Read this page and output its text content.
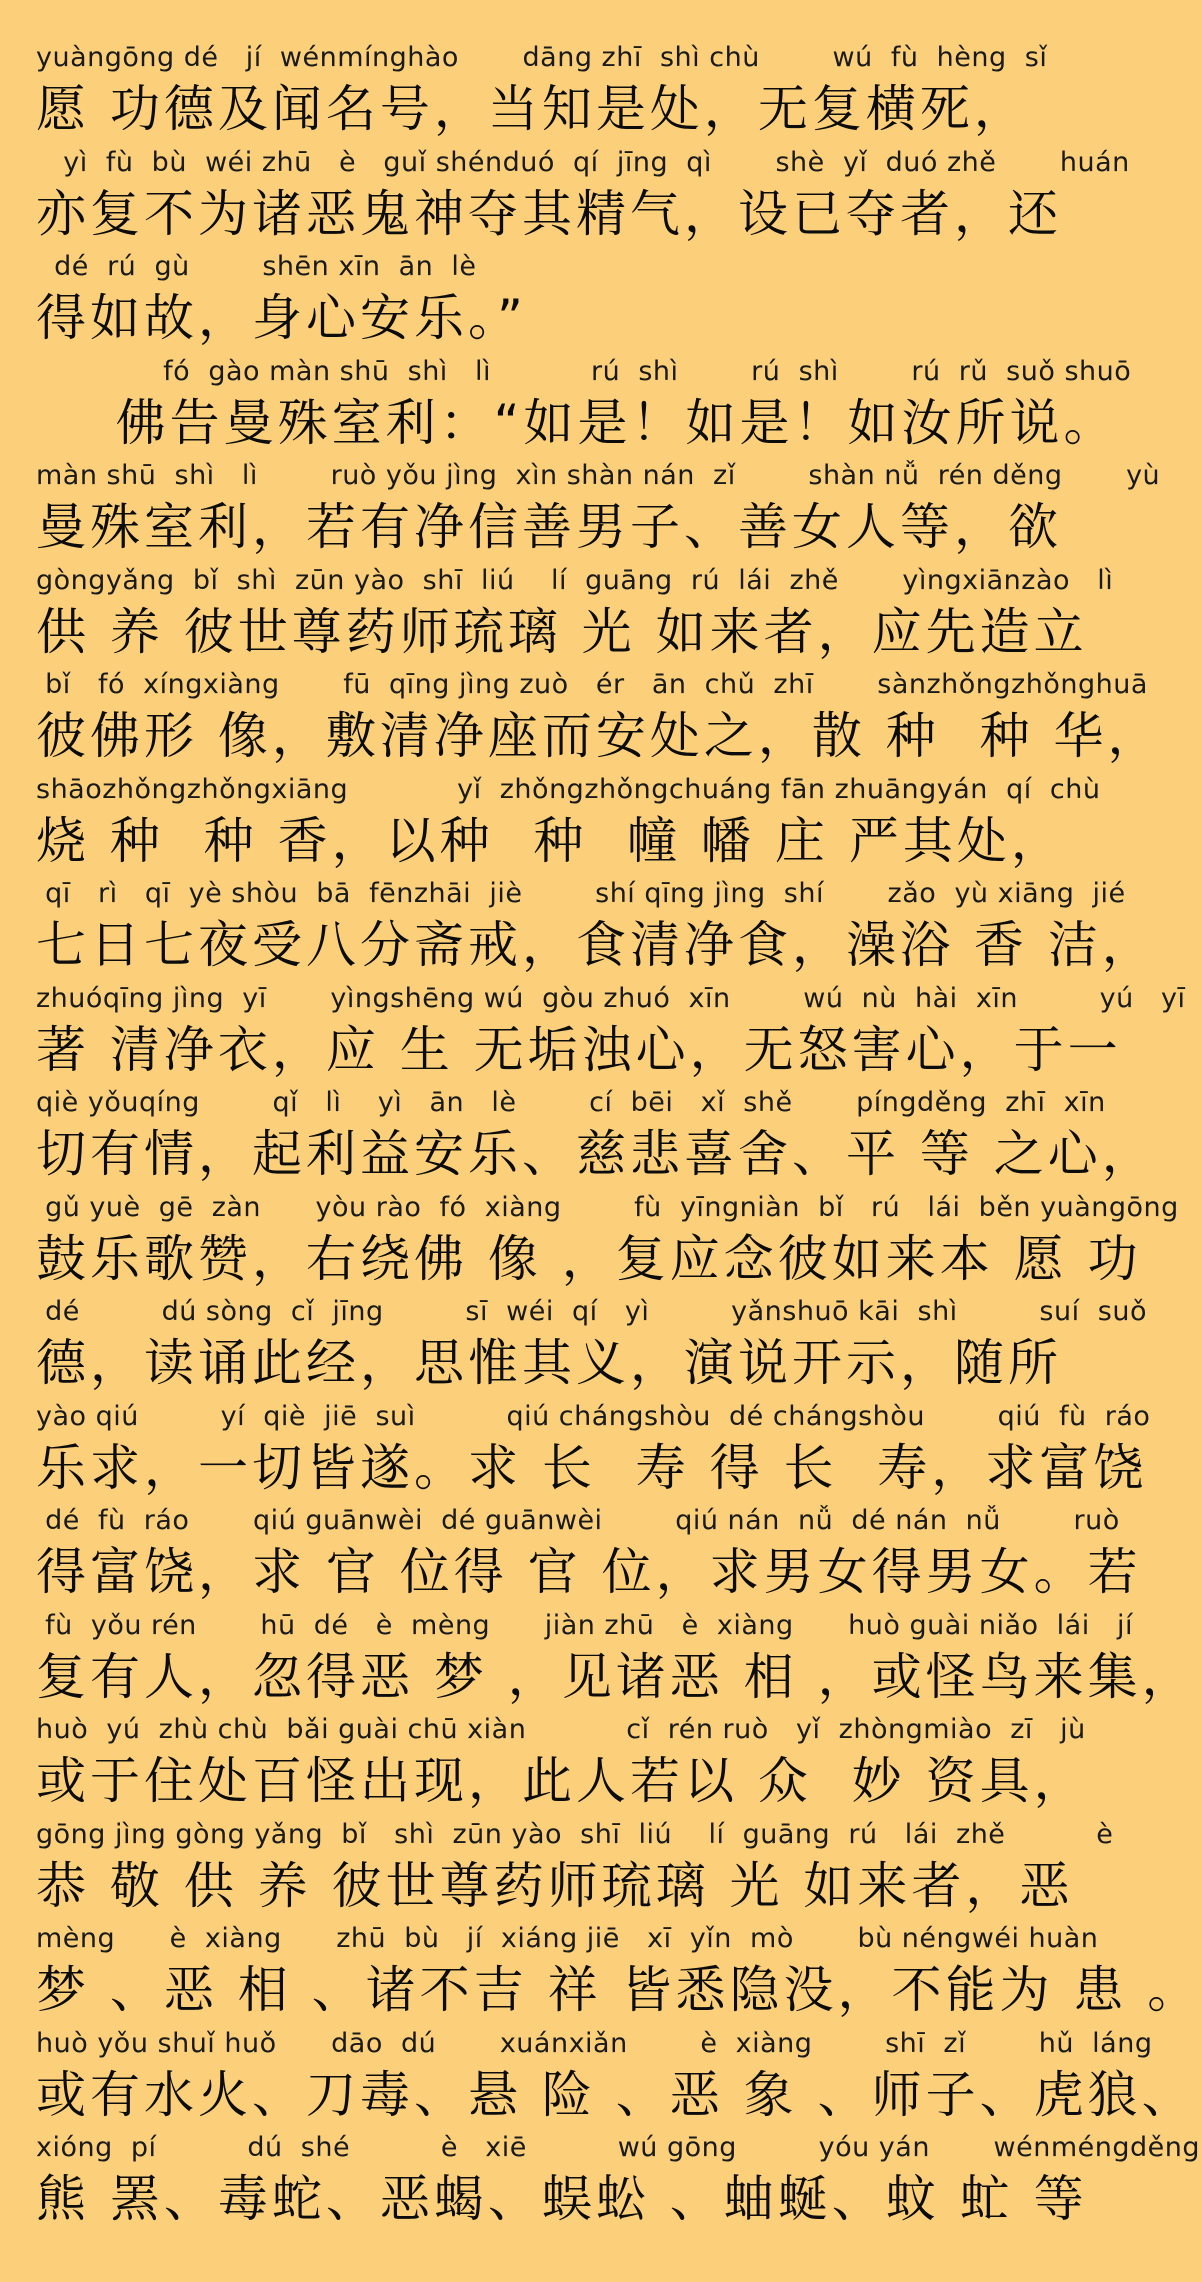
yuàngōng dé   jí  wénmínghào       dāng zhī  shì chù        wú  fù  hèng  sǐ
愿 功德及闻名号，当知是处，无复横死，
yì  fù  bù  wéi zhū   è   guǐ shénduó  qí  jīng  qì       shè  yǐ  duó zhě       huán
亦复不为诸恶鬼神夺其精气，设已夺者，还
dé  rú  gù        shēn xīn  ān  lè
得如故，身心安乐。”
fó  gào màn shū  shì   lì           rú  shì        rú  shì        rú  rǔ  suǒ shuō
佛告曼殊室利：“如是！如是！如汝所说。
màn shū  shì   lì        ruò yǒu jìng  xìn shàn nán  zǐ        shàn nǚ  rén děng       yù
曼殊室利，若有净信善男子、善女人等，欲
gòngyǎng  bǐ  shì  zūn yào  shī  liú    lí  guāng  rú  lái  zhě       yìngxiānzào   lì
供 养 彼世尊药师琉璃 光 如来者，应先造立
bǐ   fó  xíngxiàng       fū  qīng jìng zuò   ér   ān  chǔ  zhī       sànzhǒngzhǒnghuā
彼佛形 像，敷清净座而安处之，散 种  种 华，
shāozhǒngzhǒngxiāng            yǐ  zhǒngzhǒngchuáng fān zhuāngyán  qí  chù
烧 种  种 香，以种  种  幢 幡 庄 严其处，
qī   rì   qī  yè shòu  bā  fēnzhāi  jiè        shí qīng jìng  shí       zǎo  yù xiāng  jié
七日七夜受八分斋戒，食清净食，澡浴 香 洁，
zhuóqīng jìng  yī       yìngshēng wú  gòu zhuó  xīn        wú  nù  hài  xīn         yú   yī
著 清净衣，应 生 无垢浊心，无怒害心，于一
qiè yǒuqíng        qǐ   lì    yì   ān   lè        cí  bēi   xǐ  shě       píngděng  zhī  xīn
切有情，起利益安乐、慈悲喜舍、平 等 之心，
gǔ yuè  gē  zàn      yòu rào  fó  xiàng        fù  yīngniàn  bǐ   rú   lái  běn yuàngōng
鼓乐歌赞，右绕佛 像 ，复应念彼如来本 愿 功
dé         dú sòng  cǐ  jīng         sī  wéi  qí   yì         yǎnshuō kāi  shì         suí  suǒ
德，读诵此经，思惟其义，演说开示，随所
yào qiú         yí  qiè  jiē  suì          qiú chángshòu  dé chángshòu        qiú  fù  ráo
乐求，一切皆遂。求 长  寿 得 长  寿，求富饶
dé  fù  ráo       qiú guānwèi  dé guānwèi        qiú nán  nǚ  dé nán  nǚ        ruò
得富饶，求 官 位得 官 位，求男女得男女。若
fù  yǒu rén       hū  dé   è  mèng      jiàn zhū   è  xiàng      huò guài niǎo  lái   jí
复有人，忽得恶 梦 ，见诸恶 相 ，或怪鸟来集，
huò  yú  zhù chù  bǎi guài chū xiàn           cǐ  rén ruò   yǐ  zhòngmiào  zī   jù
或于住处百怪出现，此人若以 众  妙 资具，
gōng jìng gòng yǎng  bǐ   shì  zūn yào  shī  liú    lí  guāng  rú   lái  zhě          è
恭 敬 供 养 彼世尊药师琉璃 光 如来者，恶
mèng      è  xiàng      zhū  bù   jí  xiáng jiē   xī  yǐn  mò       bù néngwéi huàn
梦 、恶 相 、诸不吉 祥 皆悉隐没，不能为 患 。
huò yǒu shuǐ huǒ      dāo  dú       xuánxiǎn        è  xiàng        shī  zǐ        hǔ  láng
或有水火、刀毒、悬 险 、恶 象 、师子、虎狼、
xióng  pí          dú  shé          è   xiē          wú gōng         yóu yán       wénméngděng
熊 罴、毒蛇、恶蝎、蜈蚣 、蚰蜒、蚊 虻 等
